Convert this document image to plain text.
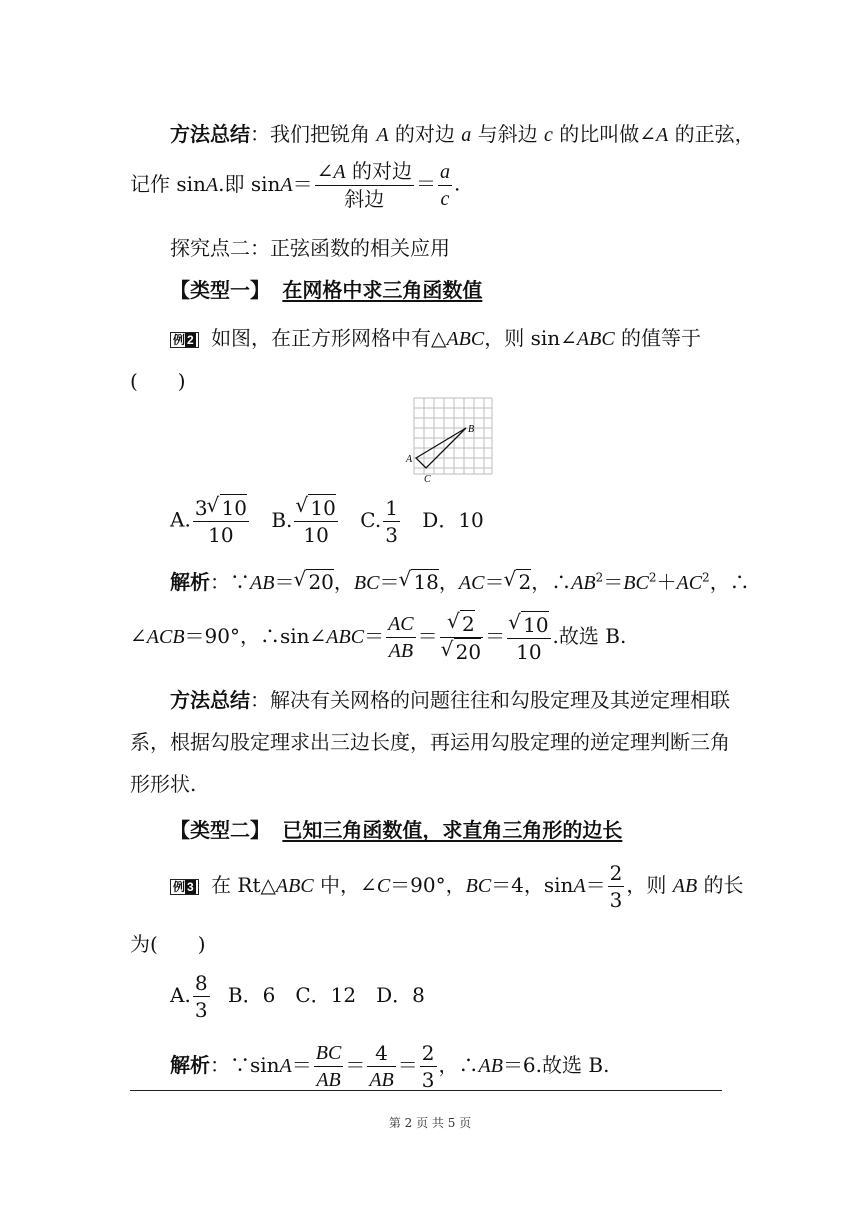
方法总结：我们把锐角 A 的对边 a 与斜边 c 的比叫做∠A 的正弦，
记作 sinA.即 $\sin A= \frac{\text{∠A 的对边}}{\text{斜边}} = \frac{a}{c}$ .
探究点二：正弦函数的相关应用
【类型一】 在网格中求三角函数值
例 2 如图，在正方形网格中有△ABC，则 sin∠ABC 的值等于
(　　)
A
B
C
A. $\frac{3 √ 10}{10} B$. √ $\frac{10}{10} C$. $\frac{1}{3}$ D．10
解析：∵AB＝ √ 20，BC＝ √ 18，AC＝ √ 2，$\therefore AB^2=BC^2+AC^2$，∴
∠ACB＝90°，∴sin∠ABC＝ $\frac{AC}{AB}$ ＝ √ 2
√ 20 ＝ √ $\frac{10}{10}$ .故选 B.
方法总结：解决有关网格的问题往往和勾股定理及其逆定理相联
系，根据勾股定理求出三边长度，再运用勾股定理的逆定理判断三角
形形状.
【类型二】 已知三角函数值，求直角三角形的边长
例 3 在 Rt△ABC 中，∠C＝90°，BC＝4，$\sin A= \frac{2}{3}$ ，则 AB 的长
为(　　)
A. $\frac{8}{3}$ B．6　C．12　D．8
解析：∵sinA＝ $\frac{BC}{AB} = \frac{4}{AB} = \frac{2}{3}$ ，∴AB＝6.故选 B.
第 2 页 共 5 页
